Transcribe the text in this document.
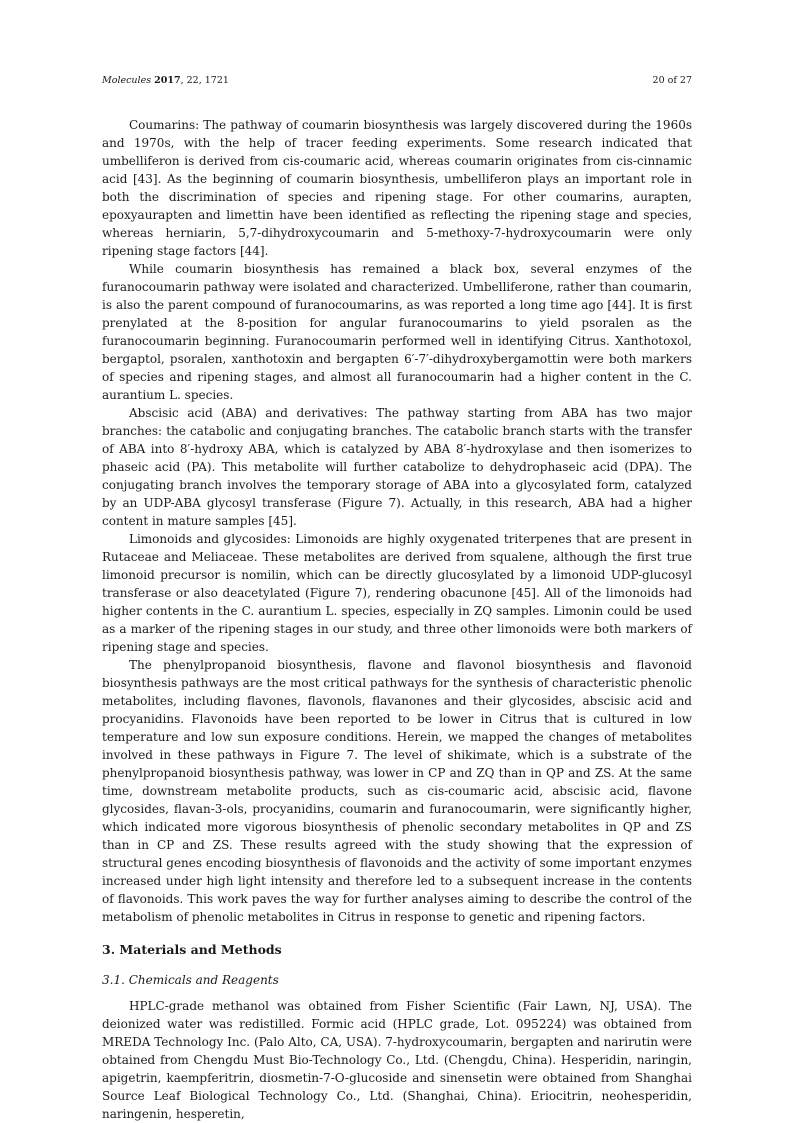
Molecules 2017, 22, 1721	20 of 27

Coumarins: The pathway of coumarin biosynthesis was largely discovered during the 1960s and 1970s, with the help of tracer feeding experiments. Some research indicated that umbelliferon is derived from cis-coumaric acid, whereas coumarin originates from cis-cinnamic acid [43]. As the beginning of coumarin biosynthesis, umbelliferon plays an important role in both the discrimination of species and ripening stage. For other coumarins, aurapten, epoxyaurapten and limettin have been identified as reflecting the ripening stage and species, whereas herniarin, 5,7-dihydroxycoumarin and 5-methoxy-7-hydroxycoumarin were only ripening stage factors [44].

While coumarin biosynthesis has remained a black box, several enzymes of the furanocoumarin pathway were isolated and characterized. Umbelliferone, rather than coumarin, is also the parent compound of furanocoumarins, as was reported a long time ago [44]. It is first prenylated at the 8-position for angular furanocoumarins to yield psoralen as the furanocoumarin beginning. Furanocoumarin performed well in identifying Citrus. Xanthotoxol, bergaptol, psoralen, xanthotoxin and bergapten 6′-7′-dihydroxybergamottin were both markers of species and ripening stages, and almost all furanocoumarin had a higher content in the C. aurantium L. species.

Abscisic acid (ABA) and derivatives: The pathway starting from ABA has two major branches: the catabolic and conjugating branches. The catabolic branch starts with the transfer of ABA into 8′-hydroxy ABA, which is catalyzed by ABA 8′-hydroxylase and then isomerizes to phaseic acid (PA). This metabolite will further catabolize to dehydrophaseic acid (DPA). The conjugating branch involves the temporary storage of ABA into a glycosylated form, catalyzed by an UDP-ABA glycosyl transferase (Figure 7). Actually, in this research, ABA had a higher content in mature samples [45].

Limonoids and glycosides: Limonoids are highly oxygenated triterpenes that are present in Rutaceae and Meliaceae. These metabolites are derived from squalene, although the first true limonoid precursor is nomilin, which can be directly glucosylated by a limonoid UDP-glucosyl transferase or also deacetylated (Figure 7), rendering obacunone [45]. All of the limonoids had higher contents in the C. aurantium L. species, especially in ZQ samples. Limonin could be used as a marker of the ripening stages in our study, and three other limonoids were both markers of ripening stage and species.

The phenylpropanoid biosynthesis, flavone and flavonol biosynthesis and flavonoid biosynthesis pathways are the most critical pathways for the synthesis of characteristic phenolic metabolites, including flavones, flavonols, flavanones and their glycosides, abscisic acid and procyanidins. Flavonoids have been reported to be lower in Citrus that is cultured in low temperature and low sun exposure conditions. Herein, we mapped the changes of metabolites involved in these pathways in Figure 7. The level of shikimate, which is a substrate of the phenylpropanoid biosynthesis pathway, was lower in CP and ZQ than in QP and ZS. At the same time, downstream metabolite products, such as cis-coumaric acid, abscisic acid, flavone glycosides, flavan-3-ols, procyanidins, coumarin and furanocoumarin, were significantly higher, which indicated more vigorous biosynthesis of phenolic secondary metabolites in QP and ZS than in CP and ZS. These results agreed with the study showing that the expression of structural genes encoding biosynthesis of flavonoids and the activity of some important enzymes increased under high light intensity and therefore led to a subsequent increase in the contents of flavonoids. This work paves the way for further analyses aiming to describe the control of the metabolism of phenolic metabolites in Citrus in response to genetic and ripening factors.

3. Materials and Methods
3.1. Chemicals and Reagents

HPLC-grade methanol was obtained from Fisher Scientific (Fair Lawn, NJ, USA). The deionized water was redistilled. Formic acid (HPLC grade, Lot. 095224) was obtained from MREDA Technology Inc. (Palo Alto, CA, USA). 7-hydroxycoumarin, bergapten and narirutin were obtained from Chengdu Must Bio-Technology Co., Ltd. (Chengdu, China). Hesperidin, naringin, apigetrin, kaempferitrin, diosmetin-7-O-glucoside and sinensetin were obtained from Shanghai Source Leaf Biological Technology Co., Ltd. (Shanghai, China). Eriocitrin, neohesperidin, naringenin, hesperetin,
